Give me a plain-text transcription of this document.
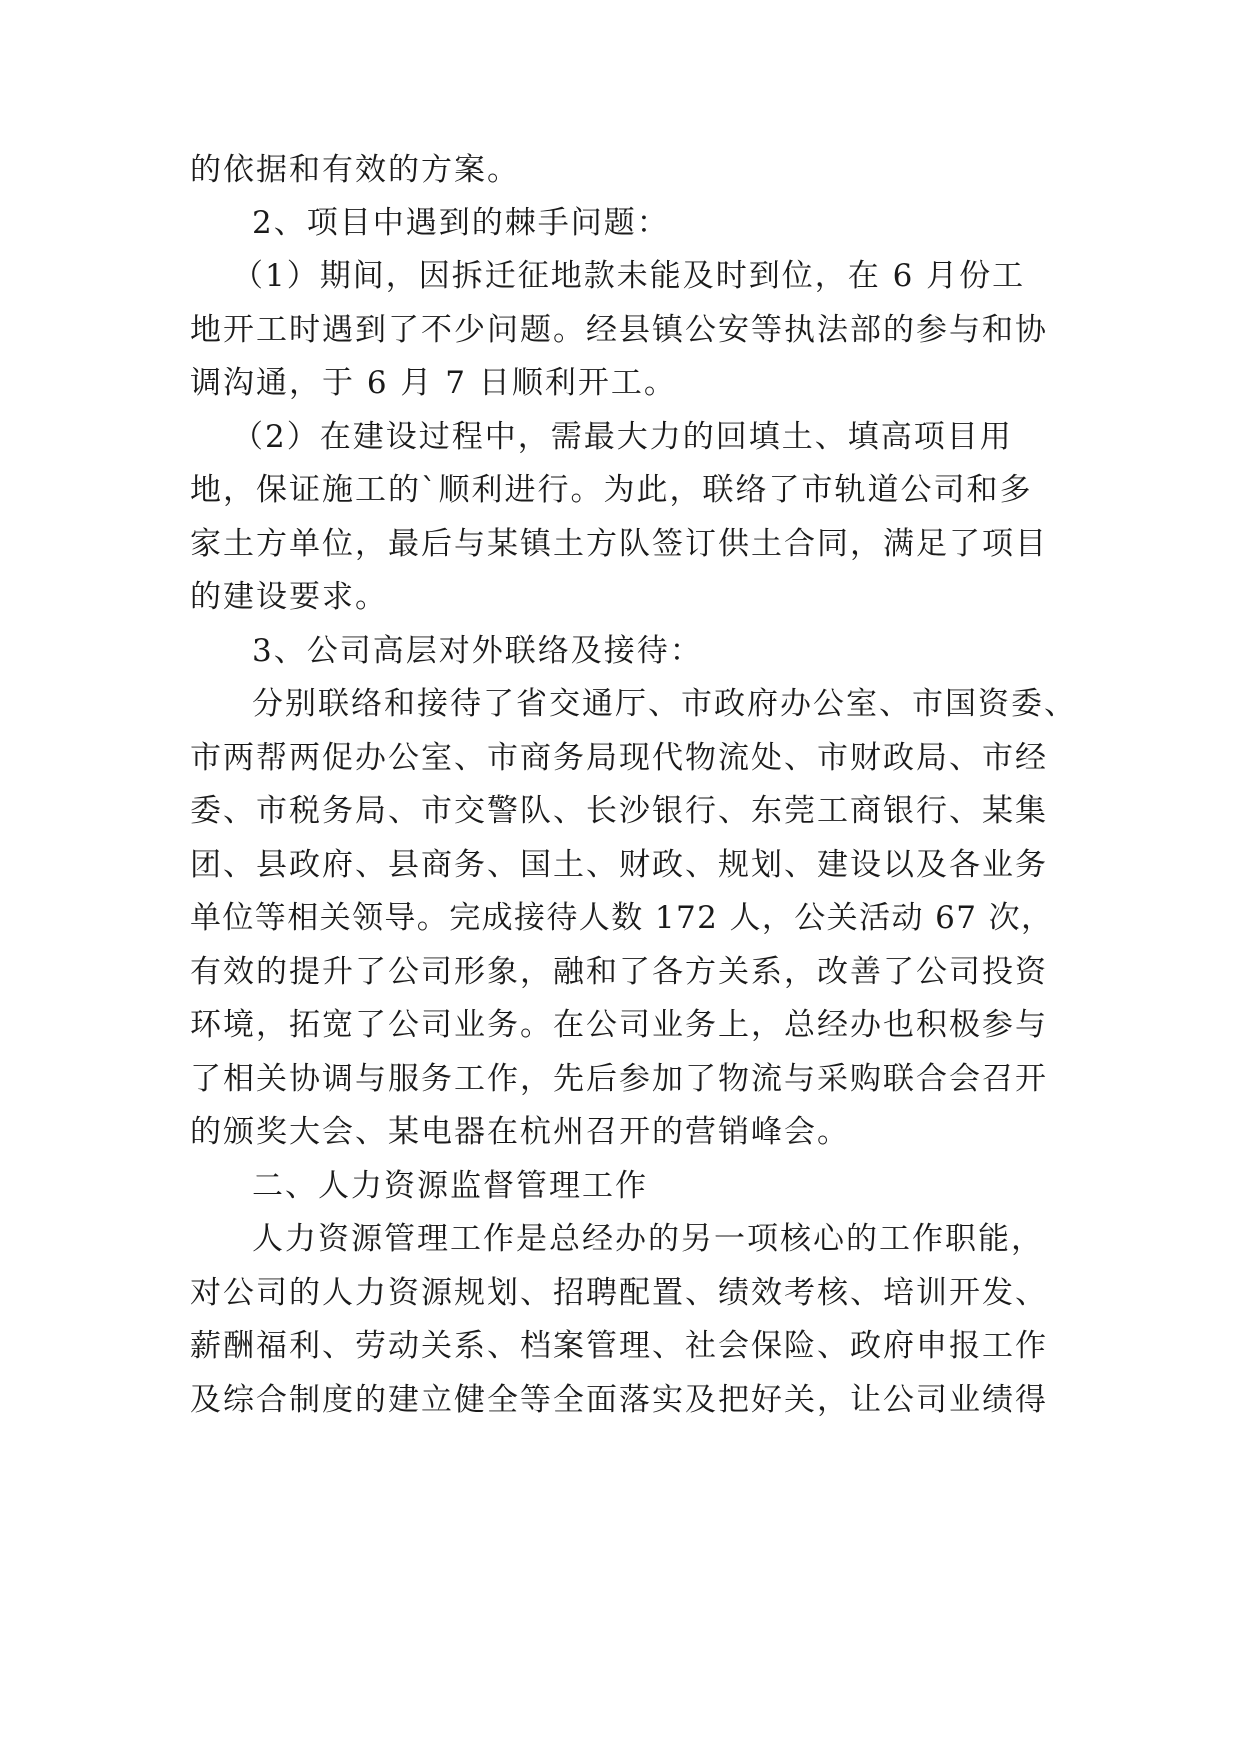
的依据和有效的方案。
2、项目中遇到的棘手问题：
（1）期间，因拆迁征地款未能及时到位，在 6 月份工
地开工时遇到了不少问题。经县镇公安等执法部的参与和协
调沟通，于 6 月 7 日顺利开工。
（2）在建设过程中，需最大力的回填土、填高项目用
地，保证施工的`顺利进行。为此，联络了市轨道公司和多
家土方单位，最后与某镇土方队签订供土合同，满足了项目
的建设要求。
3、公司高层对外联络及接待：
分别联络和接待了省交通厅、市政府办公室、市国资委、
市两帮两促办公室、市商务局现代物流处、市财政局、市经
委、市税务局、市交警队、长沙银行、东莞工商银行、某集
团、县政府、县商务、国土、财政、规划、建设以及各业务
单位等相关领导。完成接待人数 172 人，公关活动 67 次，
有效的提升了公司形象，融和了各方关系，改善了公司投资
环境，拓宽了公司业务。在公司业务上，总经办也积极参与
了相关协调与服务工作，先后参加了物流与采购联合会召开
的颁奖大会、某电器在杭州召开的营销峰会。
二、人力资源监督管理工作
人力资源管理工作是总经办的另一项核心的工作职能，
对公司的人力资源规划、招聘配置、绩效考核、培训开发、
薪酬福利、劳动关系、档案管理、社会保险、政府申报工作
及综合制度的建立健全等全面落实及把好关，让公司业绩得
